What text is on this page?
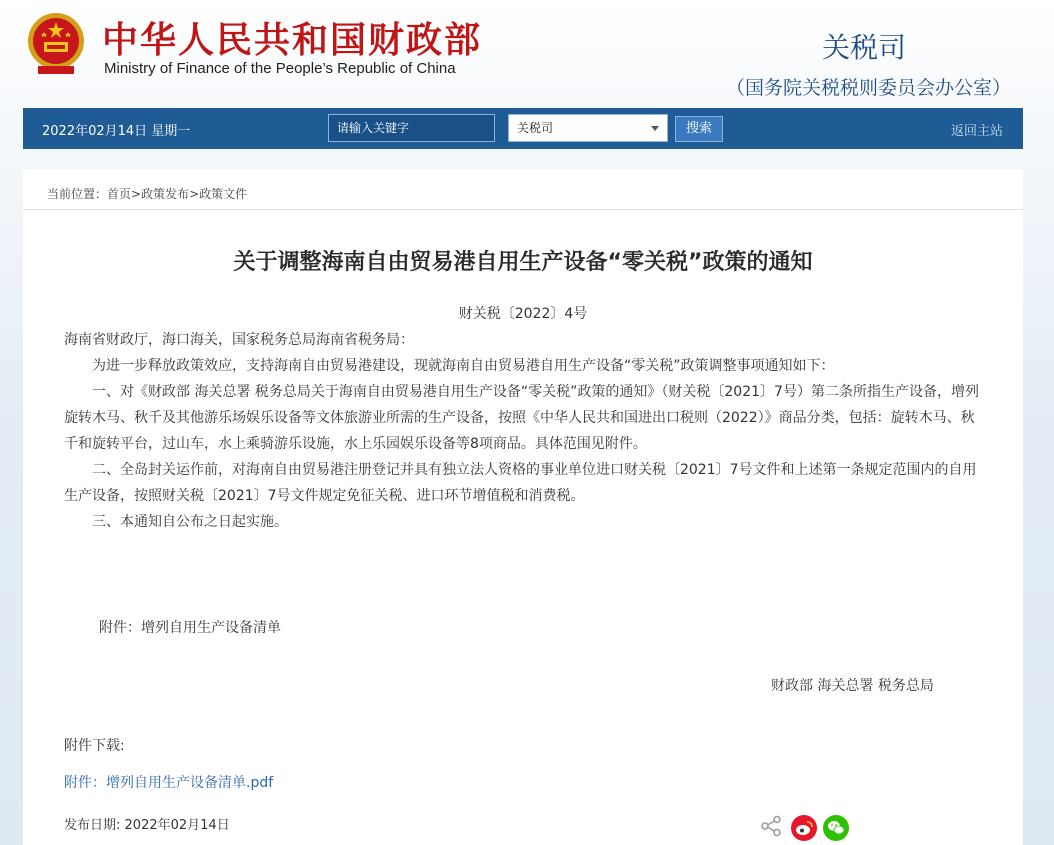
中华人民共和国财政部
Ministry of Finance of the People’s Republic of China
关税司
（国务院关税税则委员会办公室）
2022年02月14日 星期一
请输入关键字	关税司	搜索	返回主站
当前位置：首页>政策发布>政策文件
关于调整海南自由贸易港自用生产设备“零关税”政策的通知
财关税〔2022〕4号

海南省财政厅，海口海关，国家税务总局海南省税务局：

为进一步释放政策效应，支持海南自由贸易港建设，现就海南自由贸易港自用生产设备“零关税”政策调整事项通知如下：

一、对《财政部 海关总署 税务总局关于海南自由贸易港自用生产设备“零关税”政策的通知》（财关税〔2021〕7号）第二条所指生产设备，增列旋转木马、秋千及其他游乐场娱乐设备等文体旅游业所需的生产设备，按照《中华人民共和国进出口税则（2022）》商品分类，包括：旋转木马、秋千和旋转平台，过山车，水上乘骑游乐设施，水上乐园娱乐设备等8项商品。具体范围见附件。

二、全岛封关运作前，对海南自由贸易港注册登记并具有独立法人资格的事业单位进口财关税〔2021〕7号文件和上述第一条规定范围内的自用生产设备，按照财关税〔2021〕7号文件规定免征关税、进口环节增值税和消费税。

三、本通知自公布之日起实施。

附件：增列自用生产设备清单
财政部 海关总署 税务总局
附件下载:
附件：增列自用生产设备清单.pdf
发布日期: 2022年02月14日
